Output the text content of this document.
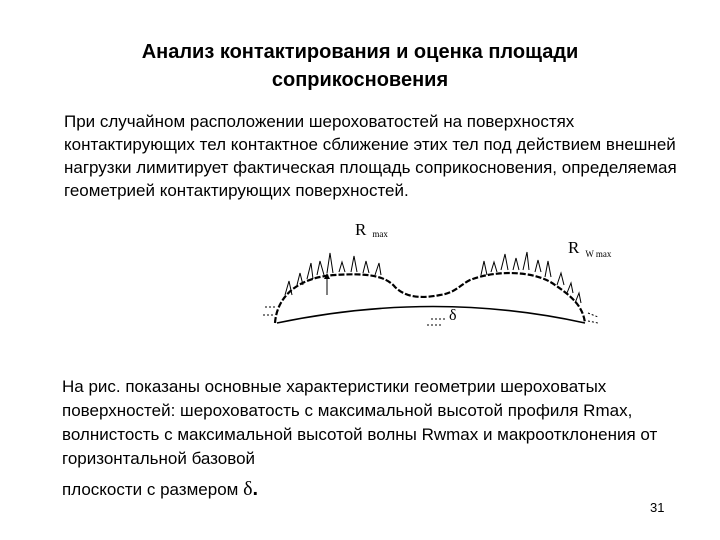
Анализ контактирования и оценка площади соприкосновения
При случайном расположении шероховатостей на поверхностях контактирующих тел контактное сближение этих тел под действием внешней нагрузки лимитирует фактическая площадь соприкосновения, определяемая геометрией контактирующих поверхностей.
Rmax
R $_{W max}$
δ
На рис. показаны основные характеристики геометрии шероховатых поверхностей: шероховатость с максимальной высотой профиля Rmax, волнистость с максимальной высотой волны Rwmax и макроотклонения от горизонтальной базовой
плоскости с размером δ.
31
